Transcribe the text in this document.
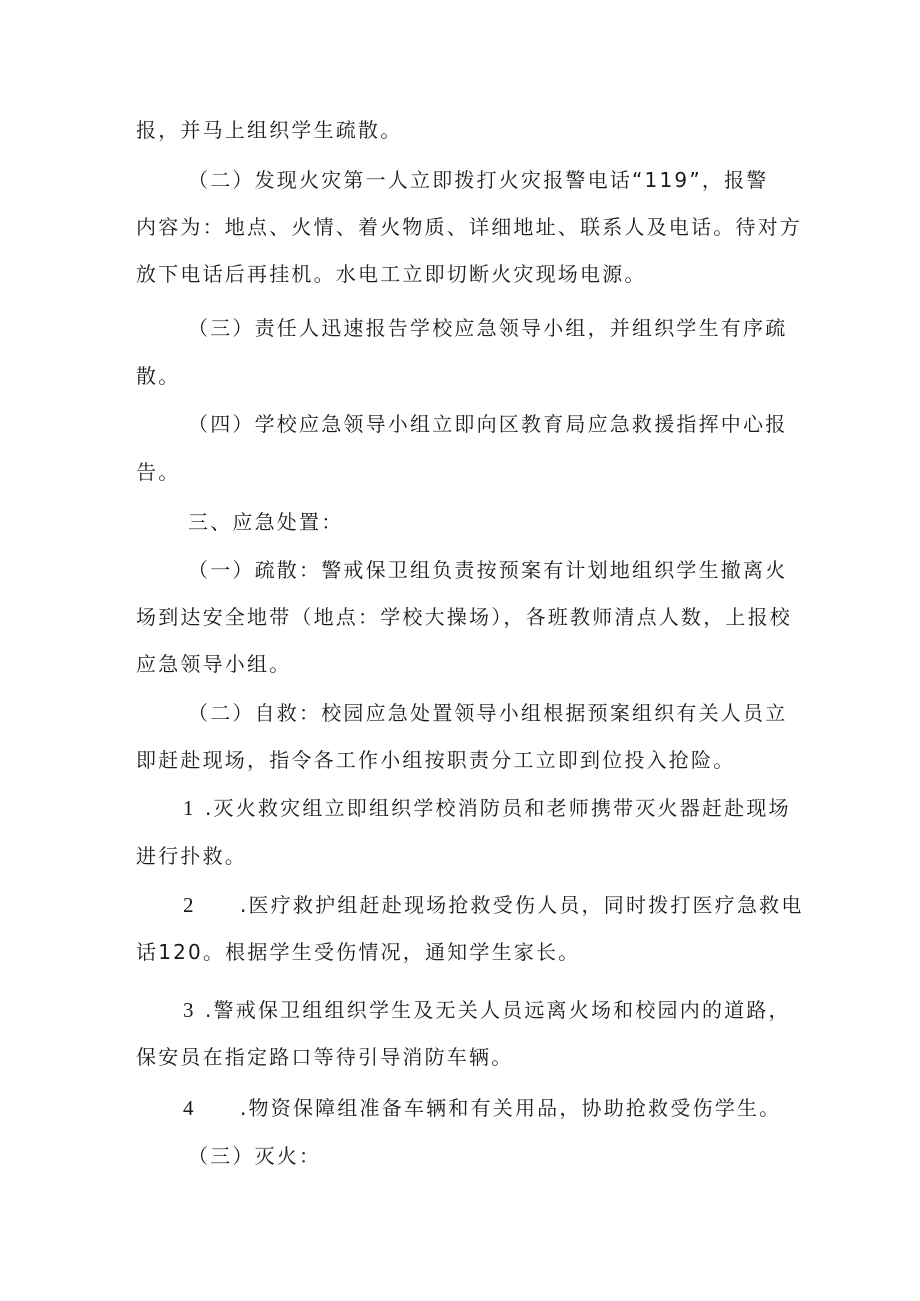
报，并马上组织学生疏散。

（二）发现火灾第一人立即拨打火灾报警电话“119”，报警

内容为：地点、火情、着火物质、详细地址、联系人及电话。待对方

放下电话后再挂机。水电工立即切断火灾现场电源。

（三）责任人迅速报告学校应急领导小组，并组织学生有序疏

散。

（四）学校应急领导小组立即向区教育局应急救援指挥中心报

告。

三、应急处置：

（一）疏散：警戒保卫组负责按预案有计划地组织学生撤离火

场到达安全地带（地点：学校大操场），各班教师清点人数，上报校

应急领导小组。

（二）自救：校园应急处置领导小组根据预案组织有关人员立

即赶赴现场，指令各工作小组按职责分工立即到位投入抢险。

1 .灭火救灾组立即组织学校消防员和老师携带灭火器赶赴现场

进行扑救。

2 .医疗救护组赶赴现场抢救受伤人员，同时拨打医疗急救电

话120。根据学生受伤情况，通知学生家长。

3 .警戒保卫组组织学生及无关人员远离火场和校园内的道路，

保安员在指定路口等待引导消防车辆。

4 .物资保障组准备车辆和有关用品，协助抢救受伤学生。

（三）灭火：
